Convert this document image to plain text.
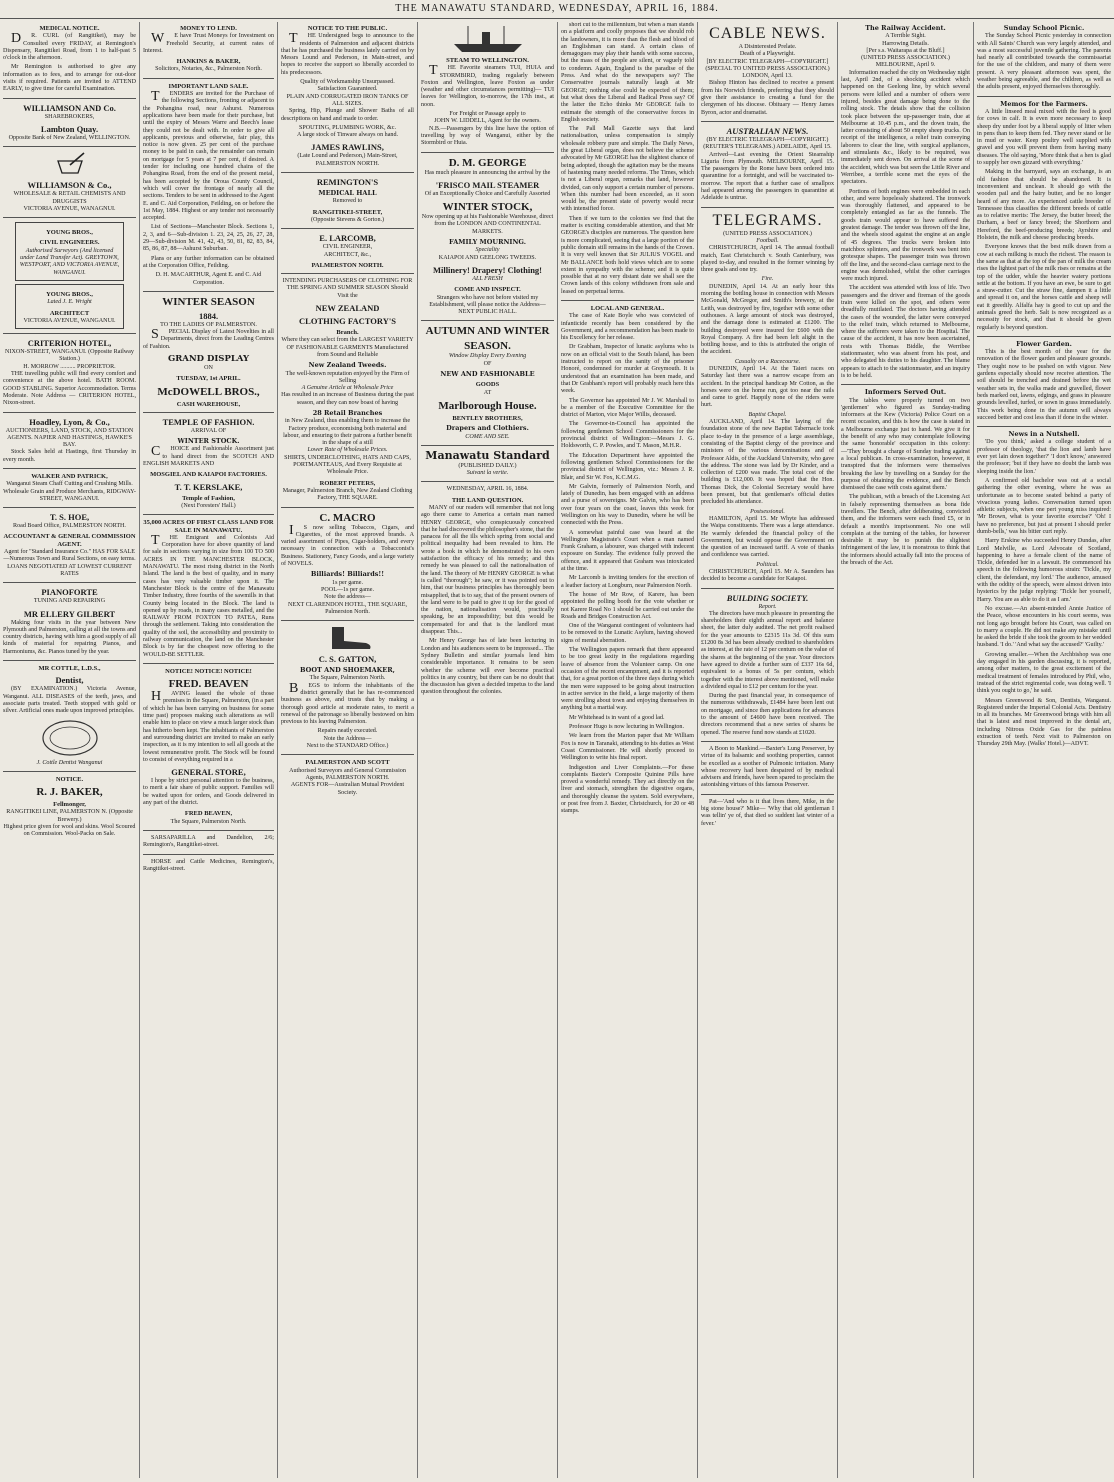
THE MANAWATU STANDARD, WEDNESDAY, APRIL 16, 1884.
MEDICAL NOTICE.

DR. CURL (of Rangitikei), may be Consulted every FRIDAY, at Remington's Dispensary, Rangitikei Road, from 1 to half-past 5 o'clock in the afternoon.

Mr Remington is authorised to give any information as to fees, and to arrange for out-door visits if required. Patients are invited to ATTEND EARLY, to give time for careful Examination.

WILLIAMSON AND Co.
SHAREBROKERS,
Lambton Quay.
Opposite Bank of New Zealand, WELLINGTON.
WILLIAMSON & Co.,
WHOLESALE & RETAIL CHEMISTS AND DRUGGISTS
VICTORIA AVENUE, WANAGNUI.
YOUNG BROS.,
CIVIL ENGINEERS.
Authorised Surveyors (And licensed under Land Transfer Act). GREYTOWN, WESTPORT, AND VICTORIA AVENUE, WANGANUI.
YOUNG BROS.,
Lated J. E. Wright
ARCHITECT
VICTORIA AVENUE, WANGANUI.
CRITERION HOTEL,
NIXON-STREET, WANGANUI. (Opposite Railway Station.)
H. MORROW .......... PROPRIETOR.

THE travelling public will find every comfort and convenience at the above hotel. BATH ROOM. GOOD STABLING. Superior Accommodation. Terms Moderate. Note Address — CRITERION HOTEL, Nixon-street.

Hoadley, Lyon, & Co.,
AUCTIONEERS, LAND, STOCK, AND STATION AGENTS. NAPIER AND HASTINGS, HAWKE'S BAY.

Stock Sales held at Hastings, first Thursday in every month.

WALKER AND PATRICK,
Wanganui Steam Chaff Cutting and Crushing Mills. Wholesale Grain and Produce Merchants, RIDGWAY-STREET, WANGANUI.
T. S. HOE,
Road Board Office, PALMERSTON NORTH.
ACCOUNTANT & GENERAL COMMISSION AGENT.
Agent for "Standard Insurance Co." HAS FOR SALE—Numerous Town and Rural Sections, on easy terms. LOANS NEGOTIATED AT LOWEST CURRENT RATES
PIANOFORTE
TUNING AND REPAIRING
MR ELLERY GILBERT

Making four visits in the year between New Plymouth and Palmerston, calling at all the towns and country districts, having with him a good supply of all kinds of material for repairing Pianos, and Harmoniums, &c. Pianos tuned by the year.

MR COTTLE, L.D.S.,
Dentist,

(BY EXAMINATION.) Victoria Avenue, Wanganui. ALL DISEASES of the teeth, jaws, and associate parts treated. Teeth stopped with gold or silver. Artificial ones made upon improved principles.

J. Cottle Dentist Wanganui
NOTICE.
R. J. BAKER,
Fellmonger,
RANGITIKEI LINE, PALMERSTON N. (Opposite Brewery.)
Highest price given for wool and skins. Wool Scoured on Commission. Wool-Packs on Sale.
MONEY TO LEND.

WE have Trust Moneys for Investment on Freehold Security, at current rates of Interest.

HANKINS & BAKER,
Solicitors, Notaries, &c., Palmerston North.
IMPORTANT LAND SALE.

TENDERS are invited for the Purchase of the following Sections, fronting or adjacent to the Pohangina road, near Ashurst. Numerous applications have been made for their purchase, but until the expiry of Messrs Warre and Beech's lease they could not be dealt with. In order to give all applicants, previous and otherwise, fair play, this notice is now given. 25 per cent of the purchase money to be paid in cash, the remainder can remain on mortgage for 5 years at 7 per cent, if desired. A tender for including one hundred chains of the Pohangina Road, from the end of the present metal, has been accepted by the Oroua County Council, which will cover the frontage of nearly all the sections. Tenders to be sent in addressed to the Agent E. and C. Aid Corporation, Feilding, on or before the 1st May, 1884. Highest or any tender not necessarily accepted.

List of Sections—Manchester Block. Sections 1, 2, 3, and 6—Sub-division 1. 23, 24, 25, 26, 27, 28, 29—Sub-division M. 41, 42, 43, 50, 81, 82, 83, 84, 85, 86, 87, 88—Ashurst Suburban.

Plans or any further information can be obtained at the Corporation Office, Feilding.

D. H. MACARTHUR, Agent E. and C. Aid Corporation.
WINTER SEASON
1884.
TO THE LADIES OF PALMERSTON.

SPECIAL Display of Latest Novelties in all Departments, direct from the Leading Centres of Fashion.

GRAND DISPLAY
ON
TUESDAY, 1st APRIL.
McDOWELL BROS.,
CASH WAREHOUSE,
TEMPLE OF FASHION.
ARRIVAL OF
WINTER STOCK.

CHOICE and Fashionable Assortment just to hand direct from the SCOTCH AND ENGLISH MARKETS AND

MOSGIEL AND KAIAPOI FACTORIES.
T. T. KERSLAKE,
Temple of Fashion,
(Next Foresters' Hall.)
35,000 ACRES OF FIRST CLASS LAND FOR SALE IN MANAWATU.

THE Emigrant and Colonists Aid Corporation have for above quantity of land for sale in sections varying in size from 100 TO 500 ACRES IN THE MANCHESTER BLOCK, MANAWATU. The most rising district in the North Island. The land is the best of quality, and in many cases has very valuable timber upon it. The Manchester Block is the centre of the Manawatu Timber Industry, three fourths of the sawmills in that County being located in the Block. The land is opened up by roads, in many cases metalled, and the RAILWAY FROM FOXTON TO PATEA, Runs through the settlement. Taking into consideration the quality of the soil, the accessibility and proximity to railway communication, the land on the Manchester Block is by far the cheapest now offering to the WOULD-BE SETTLER.

NOTICE! NOTICE! NOTICE!
FRED. BEAVEN

HAVING leased the whole of those premises in the Square, Palmerston, (in a part of which he has been carrying on business for some time past) proposes making such alterations as will enable him to place on view a much larger stock than has hitherto been kept. The inhabitants of Palmerston and surrounding district are invited to make an early inspection, as it is my intention to sell all goods at the lowest remunerative profit. The Stock will be found to consist of everything required in a

GENERAL STORE,

I hope by strict personal attention to the business, to merit a fair share of public support. Families will be waited upon for orders, and Goods delivered in any part of the district.

FRED BEAVEN,
The Square, Palmerston North.

SARSAPARILLA and Dandelion, 2/6; Remington's, Rangitikei-street.

HORSE and Cattle Medicines, Remington's, Rangitikei-street.

NOTICE TO THE PUBLIC.

THE Undersigned begs to announce to the residents of Palmerston and adjacent districts that he has purchased the business lately carried on by Messrs Lound and Pederson, in Main-street, and hopes to receive the support so liberally accorded to his predecessors.

Quality of Workmanship Unsurpassed.
Satisfaction Guaranteed.
PLAIN AND CORRUGATED IRON TANKS OF ALL SIZES.

Spring, Hip, Plunge and Shower Baths of all descriptions on hand and made to order.

SPOUTING, PLUMBING WORK, &c.
A large stock of Tinware always on hand.
JAMES RAWLINS,
(Late Lound and Pederson,) Main-Street, PALMERSTON NORTH.
REMINGTON'S
MEDICAL HALL
Removed to
RANGITIKEI-STREET,
(Opposite Stevens & Gorton.)
E. LARCOMB,
CIVIL ENGINEER,
ARCHITECT, &c.,
PALMERSTON NORTH.
INTENDING PURCHASERS OF CLOTHING FOR THE SPRING AND SUMMER SEASON Should Visit the
NEW ZEALAND
CLOTHING FACTORY'S
Branch.
Where they can select from the LARGEST VARIETY OF FASHIONABLE GARMENTS Manufactured from Sound and Reliable
New Zealand Tweeds.
The well-known reputation enjoyed by the Firm of Selling
A Genuine Article at Wholesale Price
Has resulted in an increase of Business during the past season, and they can now boast of having
28 Retail Branches
in New Zealand, thus enabling them to increase the Factory produce, economising both material and labour, and ensuring to their patrons a further benefit in the shape of a still
Lower Rate of Wholesale Prices.
SHIRTS, UNDERCLOTHING, HATS AND CAPS, PORTMANTEAUS, And Every Requisite at Wholesale Price.
ROBERT PETERS,
Manager, Palmerston Branch, New Zealand Clothing Factory, THE SQUARE.
C. MACRO

IS now selling Tobaccos, Cigars, and Cigarettes, of the most approved brands. A varied assortment of Pipes, Cigar-holders, and every necessary in connection with a Tobacconist's Business. Stationery, Fancy Goods, and a large variety of NOVELS.

Billiards! Billiards!!
1s per game.
POOL—1s per game.
Note the address—
NEXT CLARENDON HOTEL, THE SQUARE, Palmerston North.
C. S. GATTON,
BOOT AND SHOEMAKER,
The Square, Palmerston North.

BEGS to inform the inhabitants of the district generally that he has re-commenced business as above, and trusts that by making a thorough good article at moderate rates, to merit a renewal of the patronage so liberally bestowed on him previous to his leaving Palmerston.

Repairs neatly executed.
Note the Address—
Next to the STANDARD Office.)
PALMERSTON AND SCOTT
Authorised Surveyors and General Commission Agents, PALMERSTON NORTH.
AGENTS FOR—Australian Mutual Provident Society.
STEAM TO WELLINGTON.

THE Favorite steamers TUI, HUIA and STORMBIRD, trading regularly between Foxton and Wellington, leave Foxton as under (weather and other circumstances permitting)— TUI leaves for Wellington, to-morrow, the 17th inst., at noon.

For Freight or Passage apply to
JOHN W. LIDDELL, Agent for the owners.

N.B.—Passengers by this line have the option of travelling by way of Wanganui, either by the Stormbird or Huia.

D. M. GEORGE
Has much pleasure in announcing the arrival by the
'FRISCO MAIL STEAMER
Of an Exceptionally Choice and Carefully Assorted
WINTER STOCK,
Now opening up at his Fashionable Warehouse, direct from the LONDON AND CONTINENTAL MARKETS.
FAMILY MOURNING.
Speciality
KAIAPOI AND GEELONG TWEEDS.
Millinery! Drapery! Clothing!
ALL FRESH
COME AND INSPECT.
Strangers who have not before visited my Establishment, will please notice the Address— NEXT PUBLIC HALL.
AUTUMN AND WINTER
SEASON.
Window Display Every Evening
OF
NEW AND FASHIONABLE
GOODS
AT
Marlborough House.
BENTLEY BROTHERS,
Drapers and Clothiers.
COME AND SEE.
Manawatu Standard
(PUBLISHED DAILY.)
Suivant la verite.
WEDNESDAY, APRIL 16, 1884.
THE LAND QUESTION.

MANY of our readers will remember that not long ago there came to America a certain man named HENRY GEORGE, who conspicuously conceived that he had discovered the philosopher's stone, that the panacea for all the ills which spring from social and political inequality had been revealed to him. He wrote a book in which he demonstrated to his own satisfaction the efficacy of his remedy; and this remedy he was pleased to call the nationalisation of the land. The theory of Mr HENRY GEORGE is what is called "thorough"; he saw, or it was pointed out to him, that our business principles has thoroughly been misapplied, that is to say, that of the present owners of the land were to be paid to give it up for the good of the nation, nationalisation would, practically speaking, be an impossibility; but this would be compensated for and that is the landlord must disappear. This...

Mr Henry George has of late been lecturing in London and his audiences seem to be impressed... The Sydney Bulletin and similar journals lend him considerable importance. It remains to be seen whether the scheme will ever become practical politics in any country, but there can be no doubt that the discussion has given a decided impetus to the land question throughout the colonies.

short cut to the millennium, but when a man stands on a platform and coolly proposes that we should rob the landowners, it is more than the flesh and blood of an Englishman can stand. A certain class of demagogues may play their hands with some success, but the mass of the people are silent, or vaguely told to condemn. Again, England is the paradise of the Press. And what do the newspapers say? The Conservative journals naturally laugh at Mr GEORGE; nothing else could be expected of them; but what does the Liberal and Radical Press say? Of the latter the Echo thinks Mr GEORGE fails to estimate the strength of the conservative forces in English society.

The Pall Mall Gazette says that land nationalisation, unless compensation is simply wholesale robbery pure and simple. The Daily News, the great Liberal organ, does not believe the scheme advocated by Mr GEORGE has the slightest chance of being adopted, though the agitation may be the means of hastening many needed reforms. The Times, which is not a Liberal organ, remarks that land, however divided, can only support a certain number of persons. When this number had been exceeded, as it soon would be, the present state of poverty would recur with intensified force.

Then if we turn to the colonies we find that the matter is exciting considerable attention, and that Mr GEORGE's disciples are numerous. The question here is more complicated, seeing that a large portion of the public domain still remains in the hands of the Crown. It is very well known that Sir JULIUS VOGEL and Mr BALLANCE both hold views which are to some extent in sympathy with the scheme; and it is quite possible that at no very distant date we shall see the Crown lands of this colony withdrawn from sale and leased on perpetual terms.

LOCAL AND GENERAL.

The case of Kate Boyle who was convicted of infanticide recently has been considered by the Government, and a recommendation has been made to his Excellency for her release.

Dr Grabham, Inspector of lunatic asylums who is now on an official visit to the South Island, has been instructed to report on the sanity of the prisoner Honoré, condemned for murder at Greymouth. It is understood that an examination has been made, and that Dr Grabham's report will probably reach here this week.

The Governor has appointed Mr J. W. Marshall to be a member of the Executive Committee for the district of Marton, vice Major Willis, deceased.

The Governor-in-Council has appointed the following gentlemen School Commissioners for the provincial district of Wellington:—Messrs J. G. Holdsworth, C. P. Powles, and T. Mason, M.H.R.

The Education Department have appointed the following gentlemen School Commissioners for the provincial district of Wellington, viz.: Messrs J. R. Blair, and Sir W. Fox, K.C.M.G.

Mr Galvin, formerly of Palmerston North, and lately of Dunedin, has been engaged with an address and a purse of sovereigns. Mr Galvin, who has been over four years on the coast, leaves this week for Wellington on his way to Dunedin, where he will be connected with the Press.

A somewhat painful case was heard at the Wellington Magistrate's Court when a man named Frank Graham, a labourer, was charged with indecent exposure on Sunday. The evidence fully proved the offence, and it appeared that Graham was intoxicated at the time.

Mr Larcomb is inviting tenders for the erection of a leather factory at Longburn, near Palmerston North.

The house of Mr Row, of Karere, has been appointed the polling booth for the vote whether or not Karere Road No 1 should be carried out under the Roads and Bridges Construction Act.

One of the Wanganui contingent of volunteers had to be removed to the Lunatic Asylum, having showed signs of mental aberration.

The Wellington papers remark that there appeared to be too great laxity in the regulations regarding leave of absence from the Volunteer camp. On one occasion of the recent encampment, and it is reported that, for a great portion of the three days during which the men were supposed to be going about instruction in active service in the field, a large majority of them were strolling about town and enjoying themselves in anything but a martial way.

Mr Whitehead is in want of a good lad.

Professor Hugo is now lecturing in Wellington.

We learn from the Marton paper that Mr William Fox is now in Taranaki, attending to his duties as West Coast Commissioner. He will shortly proceed to Wellington to write his final report.

Indigestion and Liver Complaints.—For these complaints Baxter's Composite Quinine Pills have proved a wonderful remedy. They act directly on the liver and stomach, strengthen the digestive organs, and thoroughly cleanse the system. Sold everywhere, or post free from J. Baxter, Christchurch, for 20 or 48 stamps.

CABLE NEWS.
A Disinterested Prelate.
Death of a Playwright.
[BY ELECTRIC TELEGRAPH—COPYRIGHT.] (SPECIAL TO UNITED PRESS ASSOCIATION.) LONDON, April 13.

Bishop Hinton has declined to receive a present from his Norwich friends, preferring that they should give their assistance to creating a fund for the clergymen of his diocese. Obituary — Henry James Byron, actor and dramatist.

AUSTRALIAN NEWS.
(BY ELECTRIC TELEGRAPH—COPYRIGHT.) (REUTER'S TELEGRAMS.) ADELAIDE, April 15.

Arrived—Last evening the Orient Steamship Liguria from Plymouth. MELBOURNE, April 15. The passengers by the Rome have been ordered into quarantine for a fortnight, and will be vaccinated to-morrow. The report that a further case of smallpox had appeared among the passengers in quarantine at Adelaide is untrue.

TELEGRAMS.
(UNITED PRESS ASSOCIATION.)
Football.

CHRISTCHURCH, April 14. The annual football match, East Christchurch v. South Canterbury, was played to-day, and resulted in the former winning by three goals and one try.

Fire.

DUNEDIN, April 14. At an early hour this morning the bottling house in connection with Messrs McGonald, McGregor, and Smith's brewery, at the Leith, was destroyed by fire, together with some other outhouses. A large amount of stock was destroyed, and the damage done is estimated at £1200. The building destroyed were insured for £600 with the Royal Company. A fire had been left alight in the bottling house, and to this is attributed the origin of the accident.

Casualty on a Racecourse.

DUNEDIN, April 14. At the Taieri races on Saturday last there was a narrow escape from an accident. In the principal handicap Mr Cotton, as the horses were on the home run, got too near the rails and came to grief. Happily none of the riders were hurt.

Baptist Chapel.

AUCKLAND, April 14. The laying of the foundation stone of the new Baptist Tabernacle took place to-day in the presence of a large assemblage, consisting of the Baptist clergy of the province and ministers of the various denominations and of Professor Aldis, of the Auckland University, who gave the address. The stone was laid by Dr Kinder, and a collection of £200 was made. The total cost of the building is £12,000. It was hoped that the Hon. Thomas Dick, the Colonial Secretary would have been present, but that gentleman's official duties precluded his attendance.

Postsessional.

HAMILTON, April 15. Mr Whyte has addressed the Waipa constituents. There was a large attendance. He warmly defended the financial policy of the Government, but would oppose the Government on the question of an increased tariff. A vote of thanks and confidence was carried.

Political.

CHRISTCHURCH, April 15. Mr A. Saunders has decided to become a candidate for Kaiapoi.

BUILDING SOCIETY.
Report.

The directors have much pleasure in presenting the shareholders their eighth annual report and balance sheet, the latter duly audited. The net profit realised for the year amounts to £2315 11s 3d. Of this sum £1200 8s 3d has been already credited to shareholders as interest, at the rate of 12 per centum on the value of the shares at the beginning of the year. Your directors have agreed to divide a further sum of £337 16s 6d, equivalent to a bonus of 5s per centum, which together with the interest above mentioned, will make a dividend equal to £12 per centum for the year.

During the past financial year, in consequence of the numerous withdrawals, £1484 have been lent out on mortgage, and since then applications for advances to the amount of £4600 have been received. The directors recommend that a new series of shares be opened. The reserve fund now stands at £1020.

A Boon to Mankind.—Baxter's Lung Preserver, by virtue of its balsamic and soothing properties, cannot be excelled as a soother of Pulmonic irritation. Many whose recovery had been despaired of by medical advisers and friends, have been spared to proclaim the astonishing virtues of this famous Preserver.

Pat—'And who is it that lives there, Mike, in the big stone house?' Mike— 'Why that old gentleman I was tellin' ye of, that died so suddent last winter of a fever.'

The Railway Accident.
A Terrible Sight.
Harrowing Details.
[Per s.s. Waitarapa at the Bluff.]
(UNITED PRESS ASSOCIATION.)
MELBOURNE, April 9.

Information reached the city on Wednesday night last, April 2nd, of a shocking accident which happened on the Geelong line, by which several persons were killed and a number of others were injured, besides great damage being done to the rolling stock. The details show that the collision took place between the up-passenger train, due at Melbourne at 10.45 p.m., and the down train, the latter consisting of about 50 empty sheep trucks. On receipt of the intelligence, a relief train conveying laborers to clear the line, with surgical appliances, and stimulants &c., likely to be required, was immediately sent down. On arrival at the scene of the accident, which was but seen the Little River and Werribee, a terrible scene met the eyes of the spectators.

Portions of both engines were embedded in each other, and were hopelessly shattered. The ironwork was thoroughly flattened, and appeared to be completely entangled as far as the funnels. The goods train would appear to have suffered the greatest damage. The tender was thrown off the line, and the wheels stood against the engine at an angle of 45 degrees. The trucks were broken into matchbox splinters, and the ironwork was bent into grotesque shapes. The passenger train was thrown off the line, and the second-class carriage next to the engine was demolished, whilst the other carriages were much injured.

The accident was attended with loss of life. Two passengers and the driver and fireman of the goods train were killed on the spot, and others were dreadfully mutilated. The doctors having attended the cases of the wounded, the latter were conveyed to the relief train, which returned to Melbourne, where the sufferers were taken to the Hospital. The cause of the accident, it has now been ascertained, rests with Thomas Biddle, the Werribee stationmaster, who was absent from his post, and who delegated his duties to his daughter. The blame appears to attach to the stationmaster, and an inquiry is to be held.

Informers Served Out.

The tables were properly turned on two 'gentlemen' who figured as Sunday-trading informers at the Kew (Victoria) Police Court on a recent occasion, and this is how the case is stated in a Melbourne exchange just to hand. We give it for the benefit of any who may contemplate following the same 'honorable' occupation in this colony:—'They brought a charge of Sunday trading against a local publican. In cross-examination, however, it transpired that the informers were themselves breaking the law by travelling on a Sunday for the purpose of obtaining the evidence, and the Bench dismissed the case with costs against them.'

The publican, with a breach of the Licensing Act in falsely representing themselves as bona fide travellers. The Bench, after deliberating, convicted them, and the informers were each fined £5, or in default a month's imprisonment. No one will complain at the turning of the tables, for however desirable it may be to punish the slightest infringement of the law, it is monstrous to think that the informers should actually fall into the process of the breach of the Act.

Sunday School Picnic.

The Sunday School Picnic yesterday in connection with All Saints' Church was very largely attended, and was a most successful juvenile gathering. The parents had nearly all contributed towards the commissariat for the use of the children, and many of them were present. A very pleasant afternoon was spent, the weather being agreeable, and the children, as well as the adults present, enjoyed themselves thoroughly.

Memos for the Farmers.

A little linseed meal mixed with the feed is good for cows in calf. It is even more necessary to keep sheep dry under foot by a liberal supply of litter when in pens than to keep them fed. They never stand or lie in mud or water. Keep poultry well supplied with gravel and you will prevent them from having many diseases. The old saying, 'More think that a hen is glad to supply her own gizzard with everything.'

Making in the barnyard, says an exchange, is an old fashion that should be abandoned. It is inconvenient and unclean. It should go with the wooden pail and the hairy butter, and be no longer heard of any more. An experienced cattle breeder of Tennessee thus classifies the different breeds of cattle as to relative merits: The Jersey, the butter breed; the Durham, a beef or fancy breed; the Shorthorn and Hereford, the beef-producing breeds; Ayrshire and Holstein, the milk and cheese producing breeds.

Everyone knows that the best milk drawn from a cow at each milking is much the richest. The reason is the same as that at the top of the pan of milk the cream rises the lightest part of the milk rises or remains at the top of the udder, while the heavier watery portions settle at the bottom. If you have an ewe, be sure to get a straw-cutter. Cut the straw fine, dampen it a little and spread it on, and the horses cattle and sheep will eat it greedily. Alfalfa hay is good to cut up and the animals greed the herb. Salt is now recognized as a necessity for stock, and that it should be given regularly is beyond question.

Flower Garden.

This is the best month of the year for the renovation of the flower garden and pleasure grounds. They ought now to be pushed on with vigour. New gardens especially should now receive attention. The soil should be trenched and drained before the wet weather sets in, the walks made and gravelled, flower beds marked out, lawns, edgings, and grass in pleasure grounds levelled, turfed, or sown in grass immediately. This work being done in the autumn will always succeed better and cost less than if done in the winter.

News in a Nutshell.

'Do you think,' asked a college student of a professor of theology, 'that the lion and lamb have ever yet lain down together?' 'I don't know,' answered the professor; 'but if they have no doubt the lamb was sleeping inside the lion.'

A confirmed old bachelor was out at a social gathering the other evening, where he was as unfortunate as to become seated behind a party of vivacious young ladies. Conversation turned upon athletic subjects, when one pert young miss inquired: 'Mr Brown, what is your favorite exercise?' 'Oh! I have no preference, but just at present I should prefer dumb-bells,' was his bitter curt reply.

Harry Erskine who succeeded Henry Dundas, after Lord Melville, as Lord Advocate of Scotland, happening to have a female client of the name of Tickle, defended her in a lawsuit. He commenced his speech in the following humorous strain: 'Tickle, my client, the defendant, my lord.' The audience, amused with the oddity of the speech, were almost driven into hysterics by the judge replying: 'Tickle her yourself, Harry. You are as able to do it as I am.'

No excuse.—An absent-minded Annie Justice of the Peace, whose encounters in his court seems, was not long ago brought before his Court, was called on to marry a couple. He did not make any mistake until he asked the bride if she took the groom to her wedded husband. 'I do.' 'And what say the accused?' 'Guilty.'

Growing smaller.—When the Archbishop was one day engaged in his garden discussing, it is reported, among other matters, to the great excitement of the medical treatment of females introduced by Phil, who, instead of the strict regimental code, was doing well. 'I think you ought to go,' he said.

Messrs Greenwood & Son, Dentists, Wanganui. Registered under the Imperial Colonial Acts. Dentistry in all its branches. Mr Greenwood brings with him all that is latest and most improved in the dental art, including Nitrous Oxide Gas for the painless extraction of teeth. Next visit to Palmerston on Thursday 29th May. (Walks' Hotel.)—ADVT.
